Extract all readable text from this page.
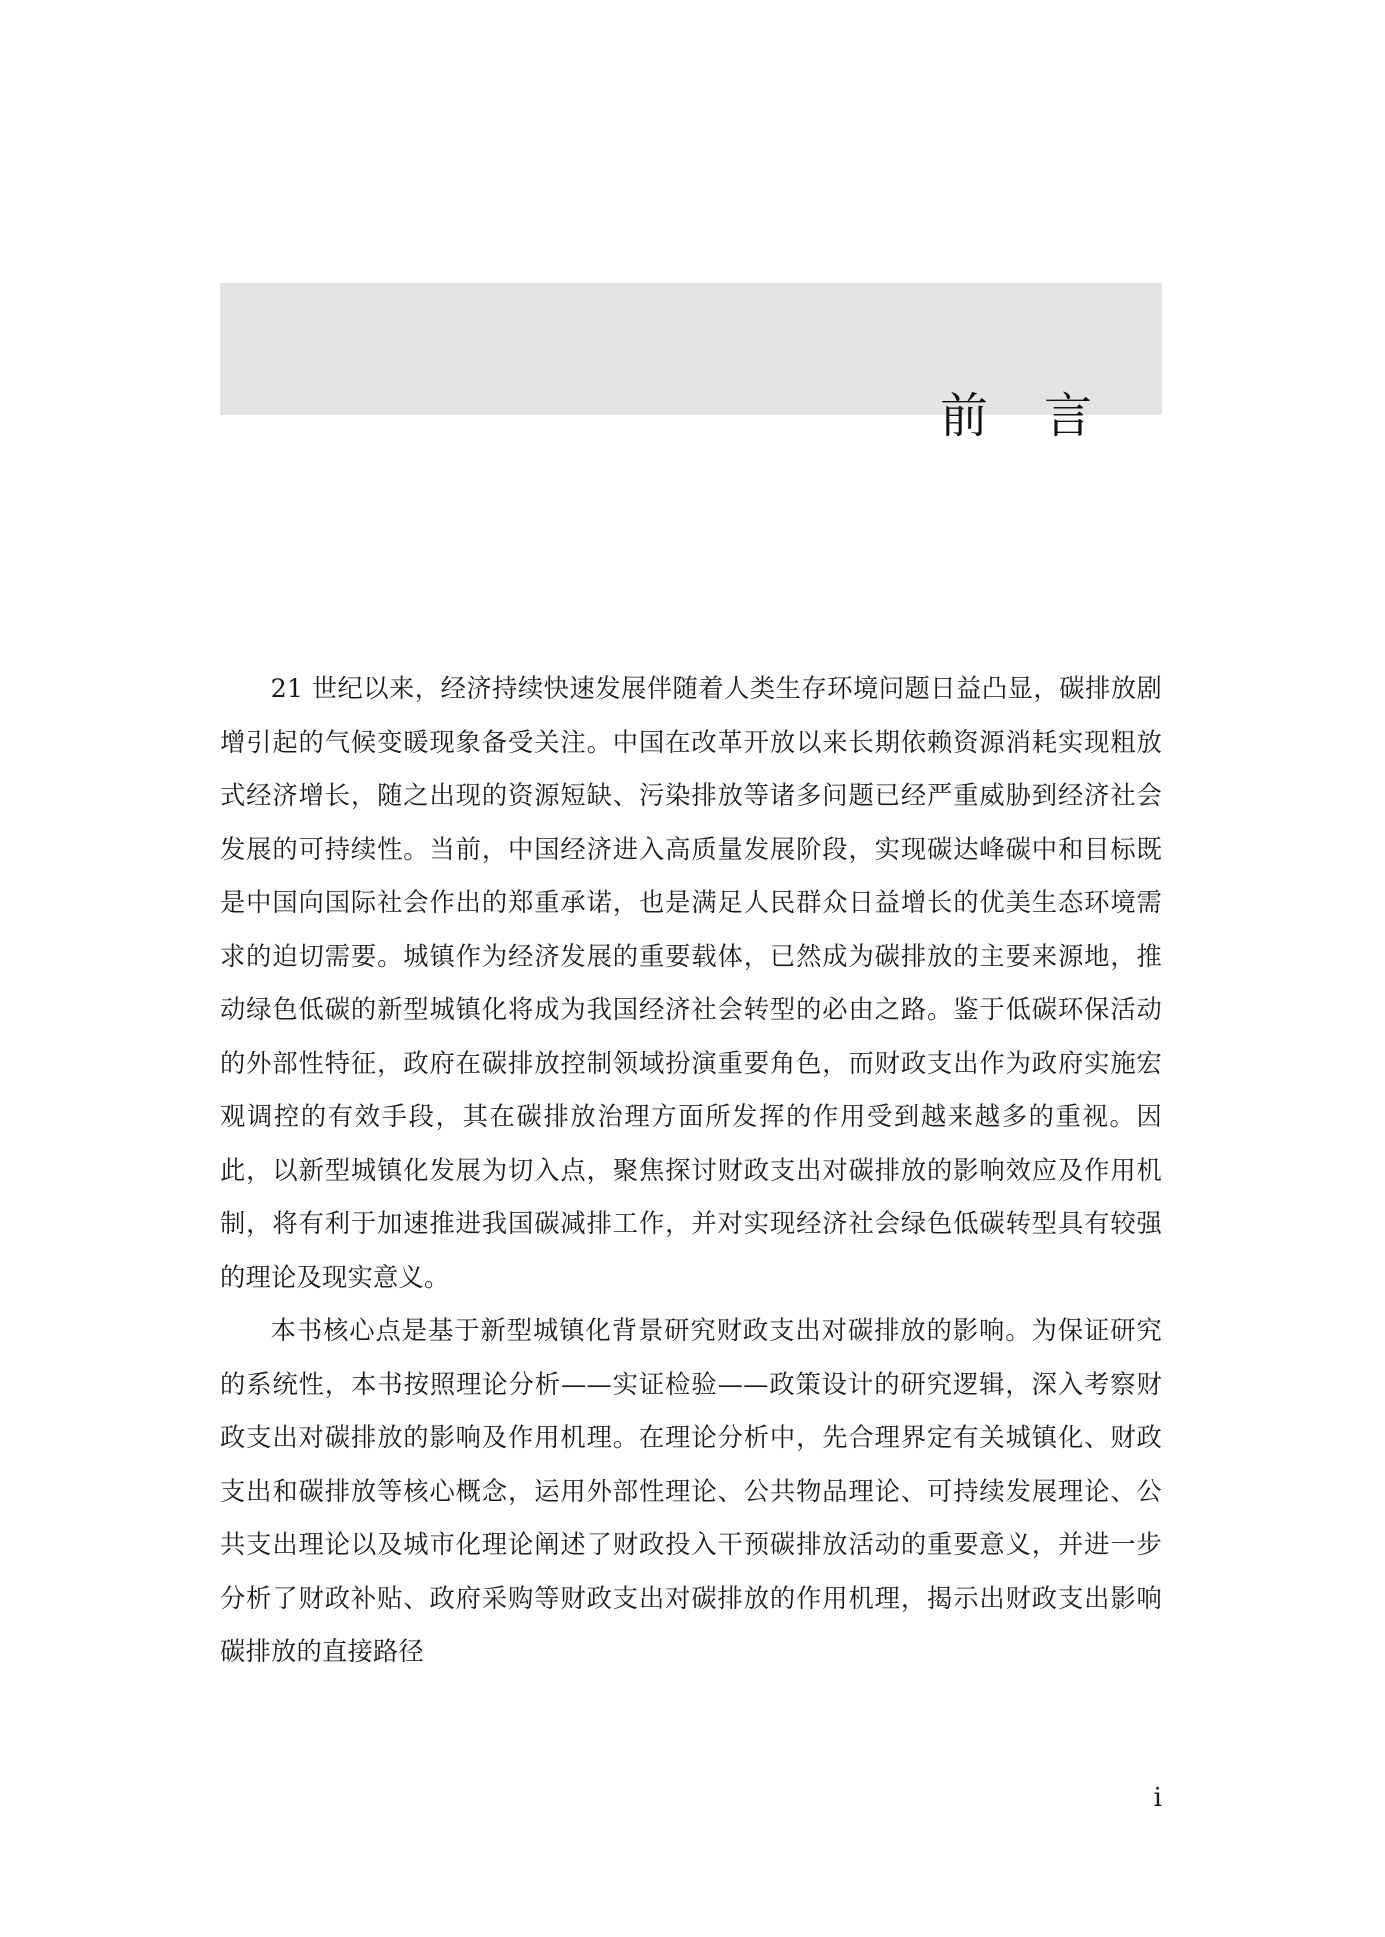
前言

21 世纪以来，经济持续快速发展伴随着人类生存环境问题日益凸显，碳排放剧增引起的气候变暖现象备受关注。中国在改革开放以来长期依赖资源消耗实现粗放式经济增长，随之出现的资源短缺、污染排放等诸多问题已经严重威胁到经济社会发展的可持续性。当前，中国经济进入高质量发展阶段，实现碳达峰碳中和目标既是中国向国际社会作出的郑重承诺，也是满足人民群众日益增长的优美生态环境需求的迫切需要。城镇作为经济发展的重要载体，已然成为碳排放的主要来源地，推动绿色低碳的新型城镇化将成为我国经济社会转型的必由之路。鉴于低碳环保活动的外部性特征，政府在碳排放控制领域扮演重要角色，而财政支出作为政府实施宏观调控的有效手段，其在碳排放治理方面所发挥的作用受到越来越多的重视。因此，以新型城镇化发展为切入点，聚焦探讨财政支出对碳排放的影响效应及作用机制，将有利于加速推进我国碳减排工作，并对实现经济社会绿色低碳转型具有较强的理论及现实意义。

本书核心点是基于新型城镇化背景研究财政支出对碳排放的影响。为保证研究的系统性，本书按照理论分析——实证检验——政策设计的研究逻辑，深入考察财政支出对碳排放的影响及作用机理。在理论分析中，先合理界定有关城镇化、财政支出和碳排放等核心概念，运用外部性理论、公共物品理论、可持续发展理论、公共支出理论以及城市化理论阐述了财政投入干预碳排放活动的重要意义，并进一步分析了财政补贴、政府采购等财政支出对碳排放的作用机理，揭示出财政支出影响碳排放的直接路径

i
